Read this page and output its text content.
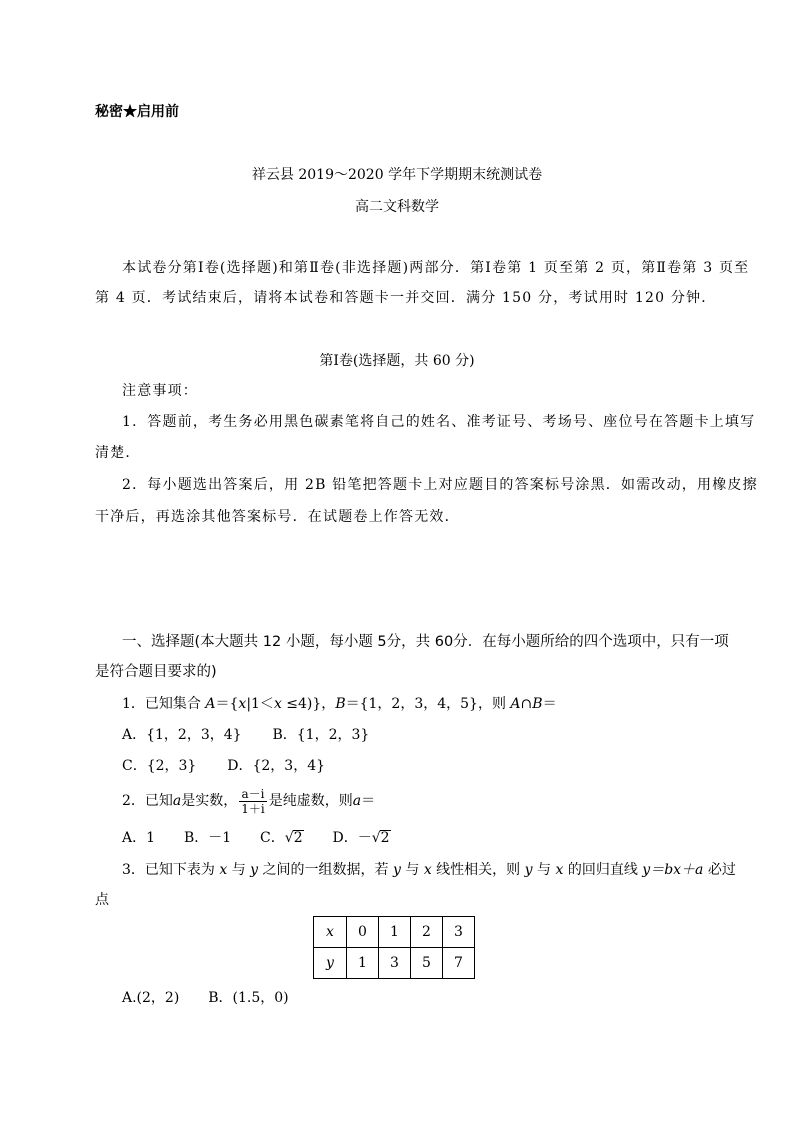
秘密★启用前
祥云县 2019～2020 学年下学期期末统测试卷
高二文科数学
本试卷分第Ⅰ卷(选择题)和第Ⅱ卷(非选择题)两部分．第Ⅰ卷第 1 页至第 2 页，第Ⅱ卷第 3 页至
第 4 页．考试结束后，请将本试卷和答题卡一并交回．满分 150 分，考试用时 120 分钟．
第Ⅰ卷(选择题，共 60 分)
注意事项：
1．答题前，考生务必用黑色碳素笔将自己的姓名、准考证号、考场号、座位号在答题卡上填写
清楚．
2．每小题选出答案后，用 2B 铅笔把答题卡上对应题目的答案标号涂黑．如需改动，用橡皮擦
干净后，再选涂其他答案标号．在试题卷上作答无效．
一、选择题(本大题共 12 小题，每小题 5分，共 60分．在每小题所给的四个选项中，只有一项
是符合题目要求的)
1．已知集合 A＝{x|1＜x ≤4)}，B＝{1，2，3，4，5}，则 A∩B＝
A．{1，2，3，4} B．{1，2，3}
C．{2，3} D．{2，3，4}
2．已知a是实数， $\frac{a-i}{1+i}$ 是纯虚数，则a＝
A．1 B．－1 C．√2 D．－√2
3．已知下表为 x 与 y 之间的一组数据，若 y 与 x 线性相关，则 y 与 x 的回归直线 y＝bx＋a 必过
点
x	0	1	2	3
y	1	3	5	7
A.(2，2) B．(1.5，0)
